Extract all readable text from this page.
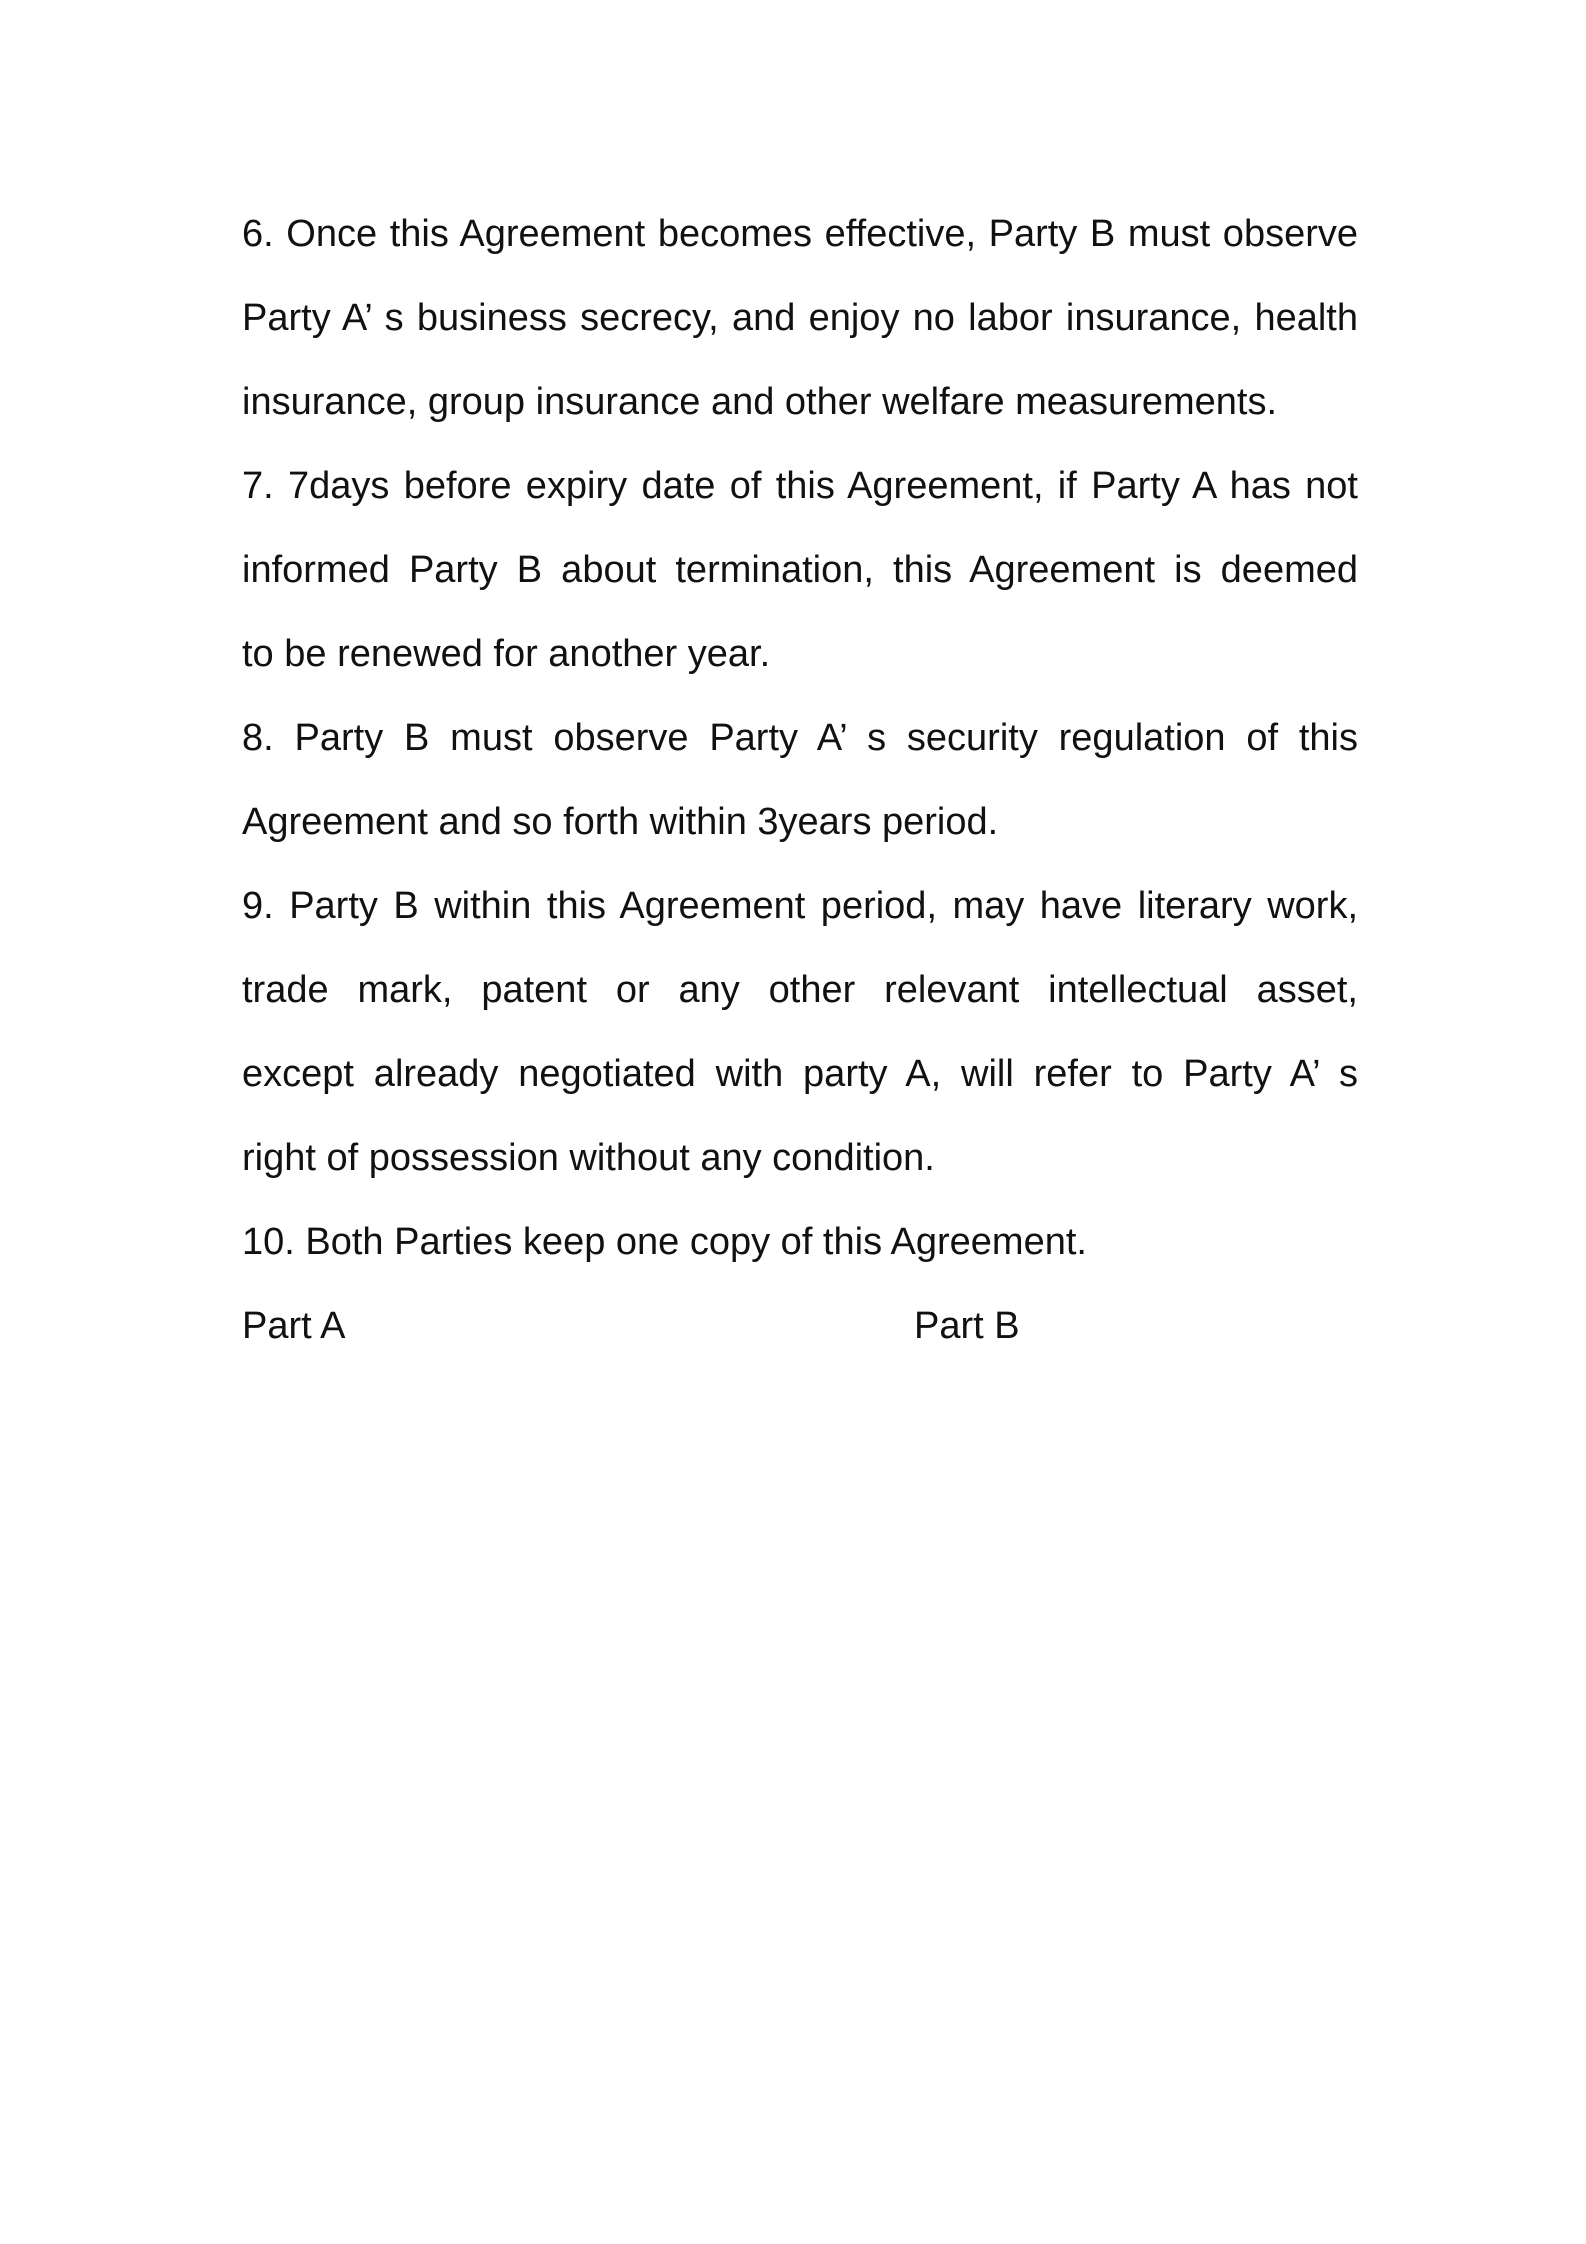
6. Once this Agreement becomes effective, Party B must observe
Party A’ s business secrecy, and enjoy no labor insurance, health
insurance, group insurance and other welfare measurements.
7. 7days before expiry date of this Agreement, if Party A has not
informed Party B about termination, this Agreement is deemed
to be renewed for another year.
8. Party B must observe Party A’ s security regulation of this
Agreement and so forth within 3years period.
9. Party B within this Agreement period, may have literary work,
trade mark, patent or any other relevant intellectual asset,
except already negotiated with party A, will refer to Party A’ s
right of possession without any condition.
10. Both Parties keep one copy of this Agreement.
Part A	Part B
